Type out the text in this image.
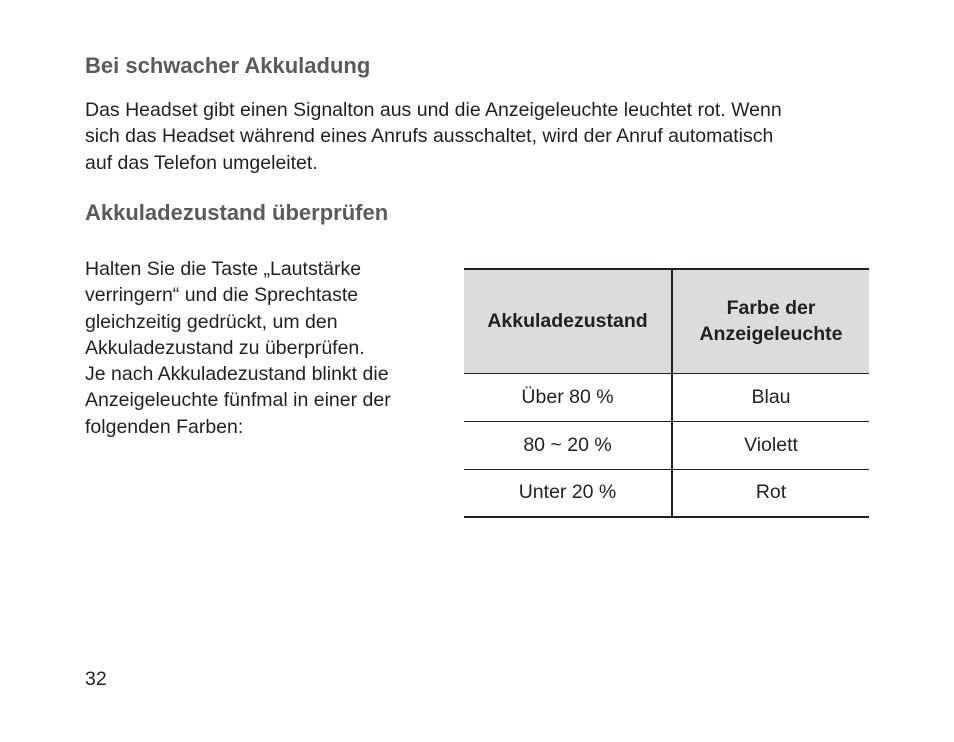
Bei schwacher Akkuladung

Das Headset gibt einen Signalton aus und die Anzeigeleuchte leuchtet rot. Wenn
sich das Headset während eines Anrufs ausschaltet, wird der Anruf automatisch
auf das Telefon umgeleitet.

Akkuladezustand überprüfen

Halten Sie die Taste „Lautstärke
verringern“ und die Sprechtaste
gleichzeitig gedrückt, um den
Akkuladezustand zu überprüfen.
Je nach Akkuladezustand blinkt die
Anzeigeleuchte fünfmal in einer der
folgenden Farben:

Akkuladezustand	Farbe der
Anzeigeleuchte

Über 80 %	Blau
80 ~ 20 %	Violett
Unter 20 %	Rot
32
